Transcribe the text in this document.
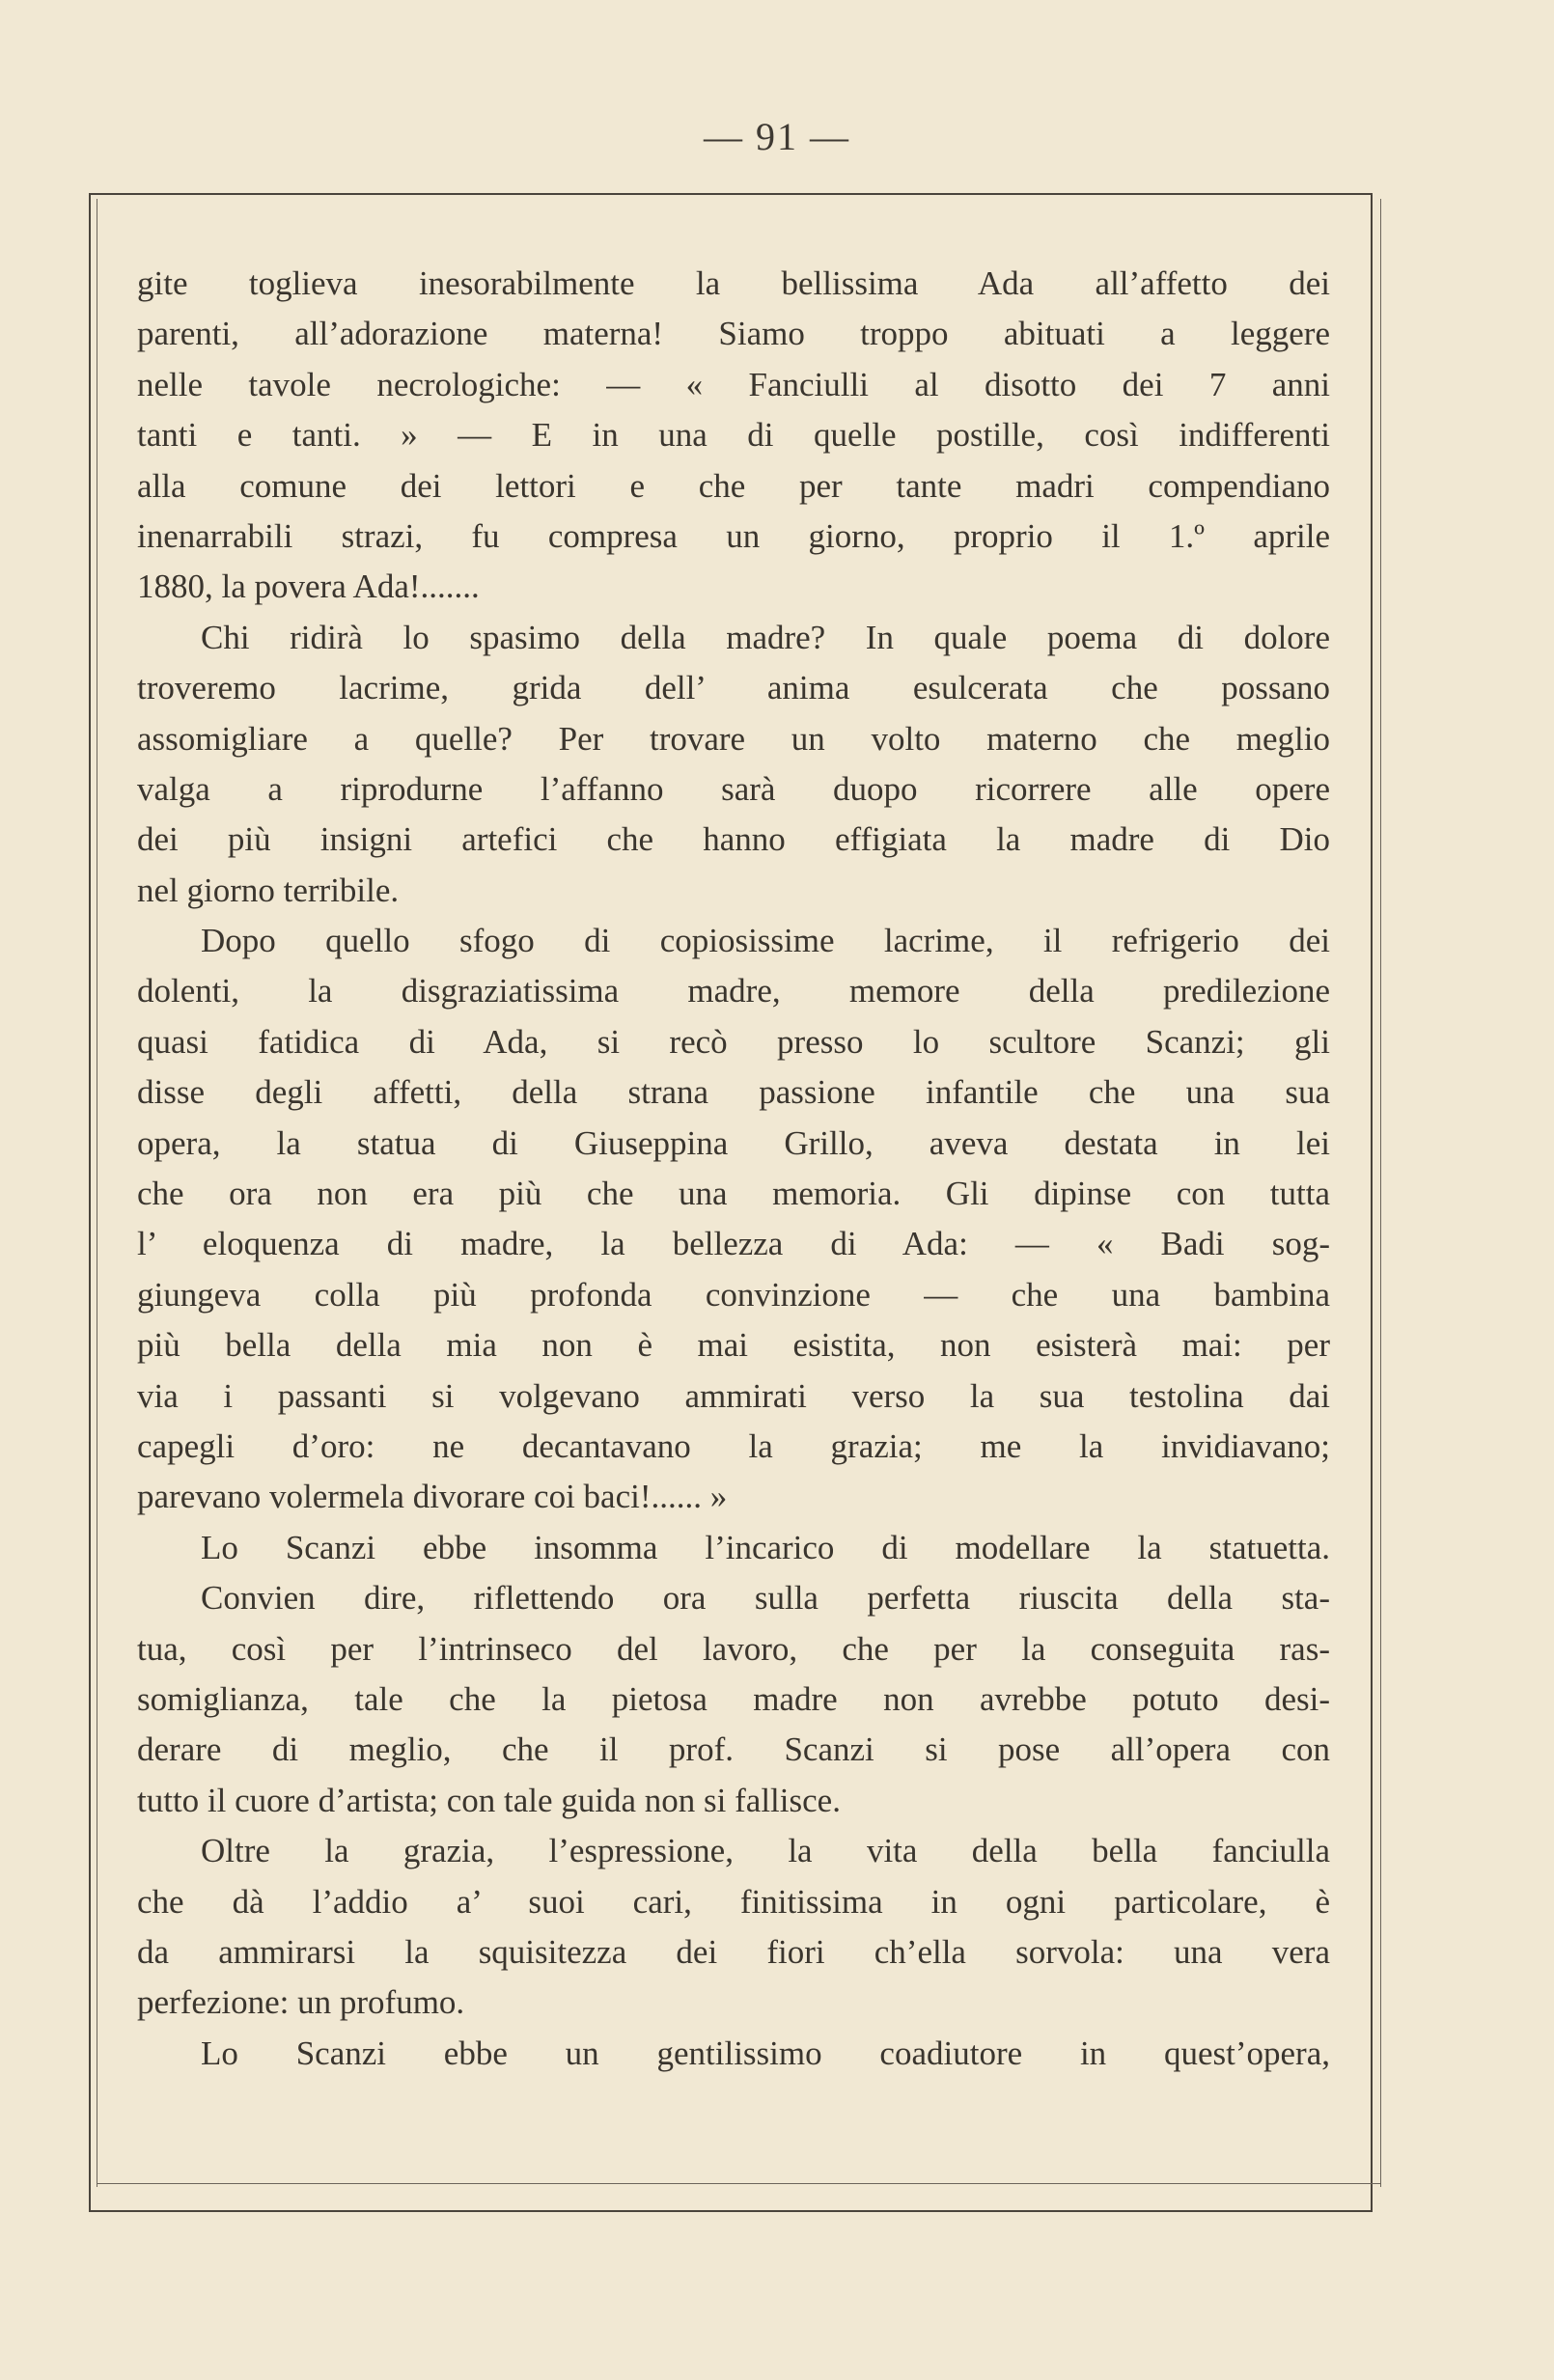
— 91 —
gite toglieva inesorabilmente la bellissima Ada all’affetto dei
parenti, all’adorazione materna! Siamo troppo abituati a leggere
nelle tavole necrologiche: — « Fanciulli al disotto dei 7 anni
tanti e tanti. » — E in una di quelle postille, così indifferenti
alla comune dei lettori e che per tante madri compendiano
inenarrabili strazi, fu compresa un giorno, proprio il 1.º aprile
1880, la povera Ada!.......
Chi ridirà lo spasimo della madre? In quale poema di dolore
troveremo lacrime, grida dell’ anima esulcerata che possano
assomigliare a quelle? Per trovare un volto materno che meglio
valga a riprodurne l’affanno sarà duopo ricorrere alle opere
dei più insigni artefici che hanno effigiata la madre di Dio
nel giorno terribile.
Dopo quello sfogo di copiosissime lacrime, il refrigerio dei
dolenti, la disgraziatissima madre, memore della predilezione
quasi fatidica di Ada, si recò presso lo scultore Scanzi; gli
disse degli affetti, della strana passione infantile che una sua
opera, la statua di Giuseppina Grillo, aveva destata in lei
che ora non era più che una memoria. Gli dipinse con tutta
l’ eloquenza di madre, la bellezza di Ada: — « Badi sog-
giungeva colla più profonda convinzione — che una bambina
più bella della mia non è mai esistita, non esisterà mai: per
via i passanti si volgevano ammirati verso la sua testolina dai
capegli d’oro: ne decantavano la grazia; me la invidiavano;
parevano volermela divorare coi baci!...... »
Lo Scanzi ebbe insomma l’incarico di modellare la statuetta.
Convien dire, riflettendo ora sulla perfetta riuscita della sta-
tua, così per l’intrinseco del lavoro, che per la conseguita ras-
somiglianza, tale che la pietosa madre non avrebbe potuto desi-
derare di meglio, che il prof. Scanzi si pose all’opera con
tutto il cuore d’artista; con tale guida non si fallisce.
Oltre la grazia, l’espressione, la vita della bella fanciulla
che dà l’addio a’ suoi cari, finitissima in ogni particolare, è
da ammirarsi la squisitezza dei fiori ch’ella sorvola: una vera
perfezione: un profumo.
Lo Scanzi ebbe un gentilissimo coadiutore in quest’opera,
